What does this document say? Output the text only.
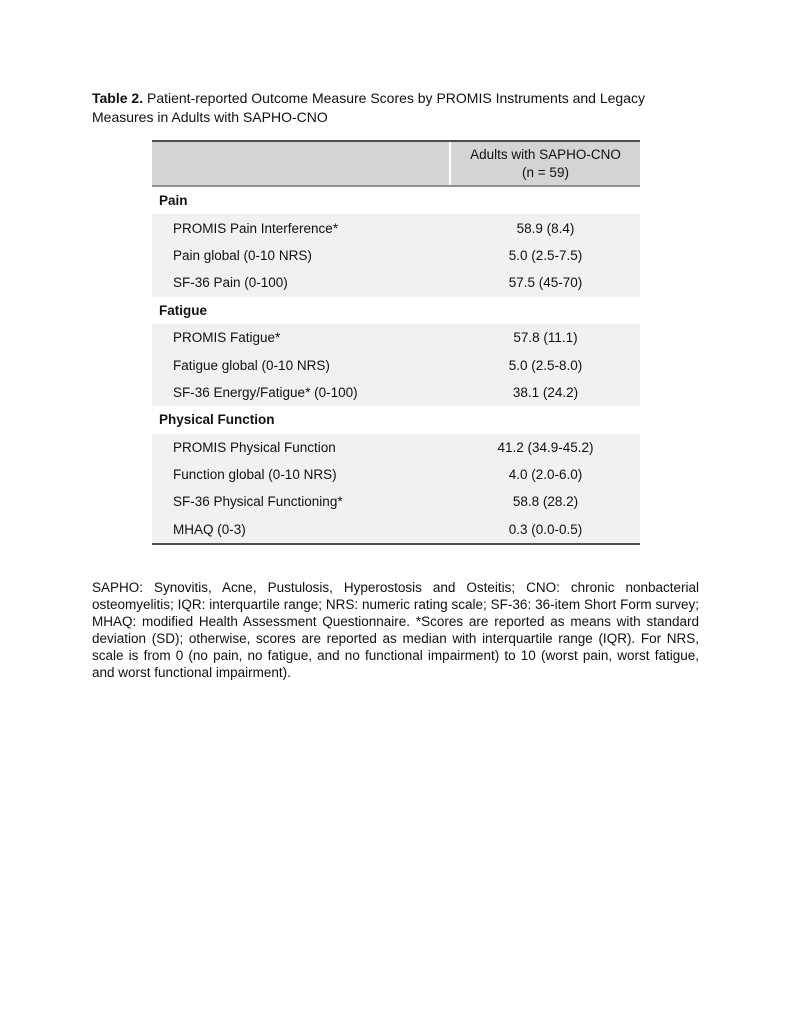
Table 2. Patient-reported Outcome Measure Scores by PROMIS Instruments and Legacy Measures in Adults with SAPHO-CNO

Adults with SAPHO-CNO
(n = 59)
Pain
PROMIS Pain Interference*	58.9 (8.4)
Pain global (0-10 NRS)	5.0 (2.5-7.5)
SF-36 Pain (0-100)	57.5 (45-70)
Fatigue
PROMIS Fatigue*	57.8 (11.1)
Fatigue global (0-10 NRS)	5.0 (2.5-8.0)
SF-36 Energy/Fatigue* (0-100)	38.1 (24.2)
Physical Function
PROMIS Physical Function	41.2 (34.9-45.2)
Function global (0-10 NRS)	4.0 (2.0-6.0)
SF-36 Physical Functioning*	58.8 (28.2)
MHAQ (0-3)	0.3 (0.0-0.5)

SAPHO: Synovitis, Acne, Pustulosis, Hyperostosis and Osteitis; CNO: chronic nonbacterial osteomyelitis; IQR: interquartile range; NRS: numeric rating scale; SF-36: 36-item Short Form survey; MHAQ: modified Health Assessment Questionnaire. *Scores are reported as means with standard deviation (SD); otherwise, scores are reported as median with interquartile range (IQR). For NRS, scale is from 0 (no pain, no fatigue, and no functional impairment) to 10 (worst pain, worst fatigue, and worst functional impairment).
